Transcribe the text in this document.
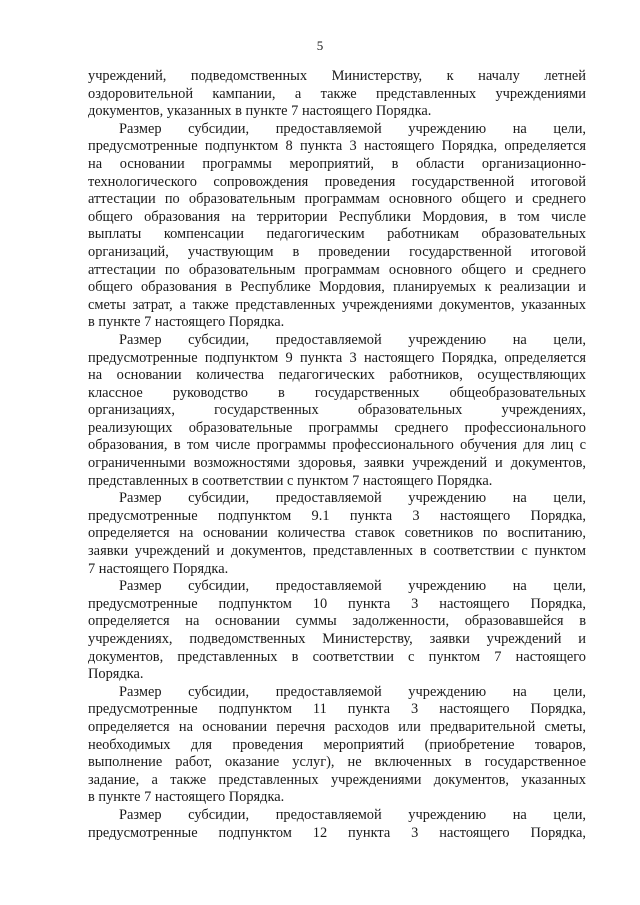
5
учреждений, подведомственных Министерству, к началу летней
оздоровительной кампании, а также представленных учреждениями
документов, указанных в пункте 7 настоящего Порядка.
Размер субсидии, предоставляемой учреждению на цели,
предусмотренные подпунктом 8 пункта 3 настоящего Порядка, определяется
на основании программы мероприятий, в области организационно-
технологического сопровождения проведения государственной итоговой
аттестации по образовательным программам основного общего и среднего
общего образования на территории Республики Мордовия, в том числе
выплаты компенсации педагогическим работникам образовательных
организаций, участвующим в проведении государственной итоговой
аттестации по образовательным программам основного общего и среднего
общего образования в Республике Мордовия, планируемых к реализации и
сметы затрат, а также представленных учреждениями документов, указанных
в пункте 7 настоящего Порядка.
Размер субсидии, предоставляемой учреждению на цели,
предусмотренные подпунктом 9 пункта 3 настоящего Порядка, определяется
на основании количества педагогических работников, осуществляющих
классное руководство в государственных общеобразовательных
организациях, государственных образовательных учреждениях,
реализующих образовательные программы среднего профессионального
образования, в том числе программы профессионального обучения для лиц с
ограниченными возможностями здоровья, заявки учреждений и документов,
представленных в соответствии с пунктом 7 настоящего Порядка.
Размер субсидии, предоставляемой учреждению на цели,
предусмотренные подпунктом 9.1 пункта 3 настоящего Порядка,
определяется на основании количества ставок советников по воспитанию,
заявки учреждений и документов, представленных в соответствии с пунктом
7 настоящего Порядка.
Размер субсидии, предоставляемой учреждению на цели,
предусмотренные подпунктом 10 пункта 3 настоящего Порядка,
определяется на основании суммы задолженности, образовавшейся в
учреждениях, подведомственных Министерству, заявки учреждений и
документов, представленных в соответствии с пунктом 7 настоящего
Порядка.
Размер субсидии, предоставляемой учреждению на цели,
предусмотренные подпунктом 11 пункта 3 настоящего Порядка,
определяется на основании перечня расходов или предварительной сметы,
необходимых для проведения мероприятий (приобретение товаров,
выполнение работ, оказание услуг), не включенных в государственное
задание, а также представленных учреждениями документов, указанных
в пункте 7 настоящего Порядка.
Размер субсидии, предоставляемой учреждению на цели,
предусмотренные подпунктом 12 пункта 3 настоящего Порядка,
